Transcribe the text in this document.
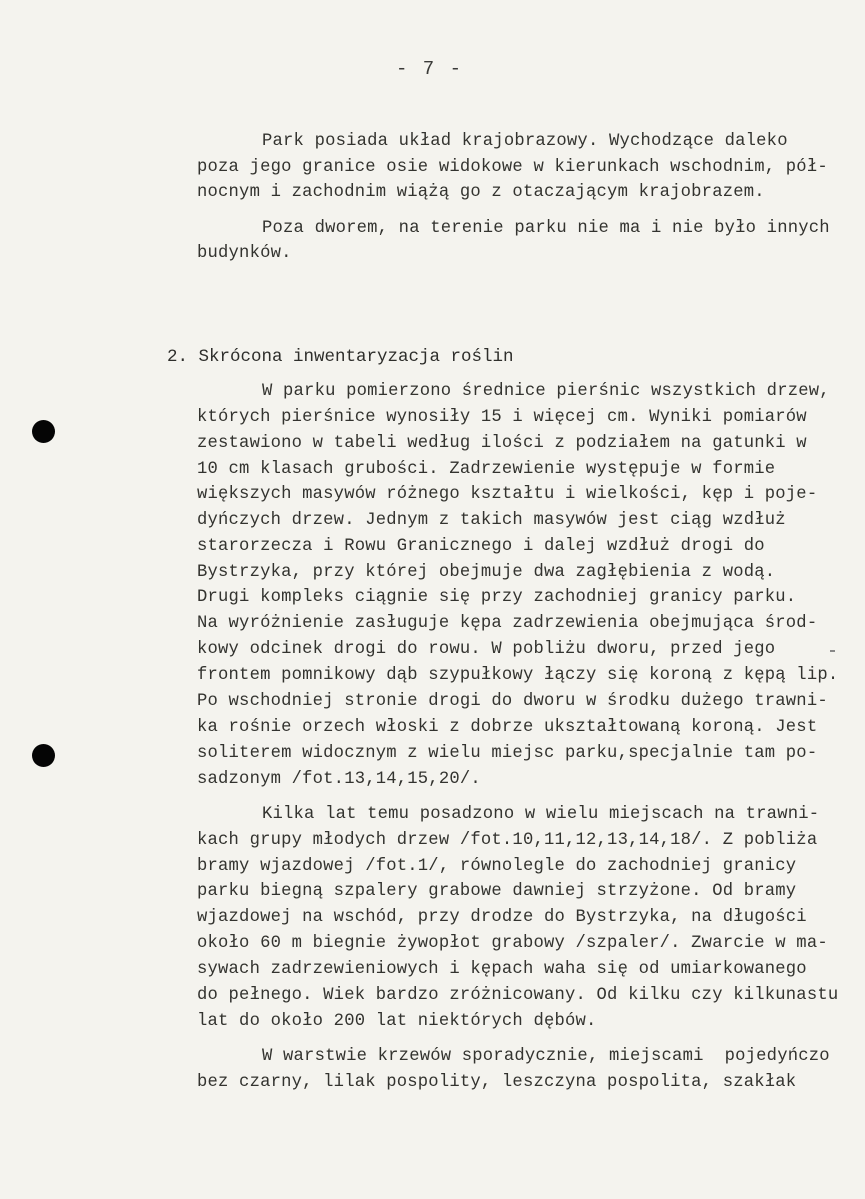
- 7 -
Park posiada układ krajobrazowy. Wychodzące daleko
poza jego granice osie widokowe w kierunkach wschodnim, pół-
nocnym i zachodnim wiążą go z otaczającym krajobrazem.
Poza dworem, na terenie parku nie ma i nie było innych
budynków.
2. Skrócona inwentaryzacja roślin
W parku pomierzono średnice pierśnic wszystkich drzew,
których pierśnice wynosiły 15 i więcej cm. Wyniki pomiarów
zestawiono w tabeli według ilości z podziałem na gatunki w
10 cm klasach grubości. Zadrzewienie występuje w formie
większych masywów różnego kształtu i wielkości, kęp i poje-
dyńczych drzew. Jednym z takich masywów jest ciąg wzdłuż
starorzecza i Rowu Granicznego i dalej wzdłuż drogi do
Bystrzyka, przy której obejmuje dwa zagłębienia z wodą.
Drugi kompleks ciągnie się przy zachodniej granicy parku.
Na wyróżnienie zasługuje kępa zadrzewienia obejmująca środ-
kowy odcinek drogi do rowu. W pobliżu dworu, przed jego
frontem pomnikowy dąb szypułkowy łączy się koroną z kępą lip.
Po wschodniej stronie drogi do dworu w środku dużego trawni-
ka rośnie orzech włoski z dobrze ukształtowaną koroną. Jest
soliterem widocznym z wielu miejsc parku,specjalnie tam po-
sadzonym /fot.13,14,15,20/.
Kilka lat temu posadzono w wielu miejscach na trawni-
kach grupy młodych drzew /fot.10,11,12,13,14,18/. Z pobliża
bramy wjazdowej /fot.1/, równolegle do zachodniej granicy
parku biegną szpalery grabowe dawniej strzyżone. Od bramy
wjazdowej na wschód, przy drodze do Bystrzyka, na długości
około 60 m biegnie żywopłot grabowy /szpaler/. Zwarcie w ma-
sywach zadrzewieniowych i kępach waha się od umiarkowanego
do pełnego. Wiek bardzo zróżnicowany. Od kilku czy kilkunastu
lat do około 200 lat niektórych dębów.
W warstwie krzewów sporadycznie, miejscami  pojedyńczo
bez czarny, lilak pospolity, leszczyna pospolita, szakłak
